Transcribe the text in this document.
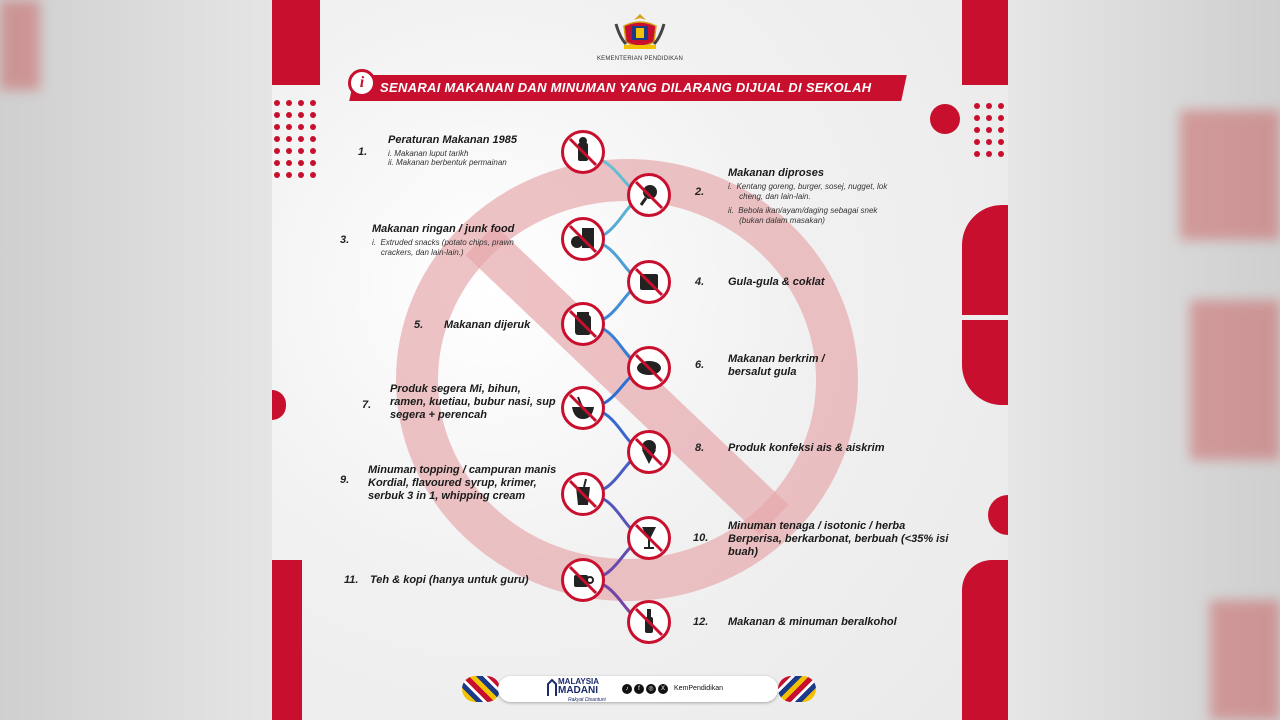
KEMENTERIAN PENDIDIKAN
i	SENARAI MAKANAN DAN MINUMAN YANG DILARANG DIJUAL DI SEKOLAH
1.
Peraturan Makanan 1985
i. Makanan luput tarikh
ii. Makanan berbentuk permainan
Makanan diproses
2.	i.  Kentang goreng, burger, sosej, nugget, lok
cheng, dan lain-lain.
ii.  Bebola ikan/ayam/daging sebagai snek
(bukan dalam masakan)
3.
Makanan ringan / junk food
i.  Extruded snacks (potato chips, prawn
crackers, dan lain-lain.)
4. Gula-gula & coklat
5. Makanan dijeruk
6. Makanan berkrim / bersalut gula
7.
Produk segera Mi, bihun, ramen, kuetiau, bubur nasi, sup segera + perencah
8. Produk konfeksi ais & aiskrim
9.
Minuman topping / campuran manis Kordial, flavoured syrup, krimer, serbuk 3 in 1, whipping cream
10.
Minuman tenaga / isotonic / herba Berperisa, berkarbonat, berbuah (<35% isi buah)
11. Teh & kopi (hanya untuk guru)
12. Makanan & minuman beralkohol
MALAYSIA
MADANI
Rakyat Disantuni
♪	f	◎	X	KemPendidikan
